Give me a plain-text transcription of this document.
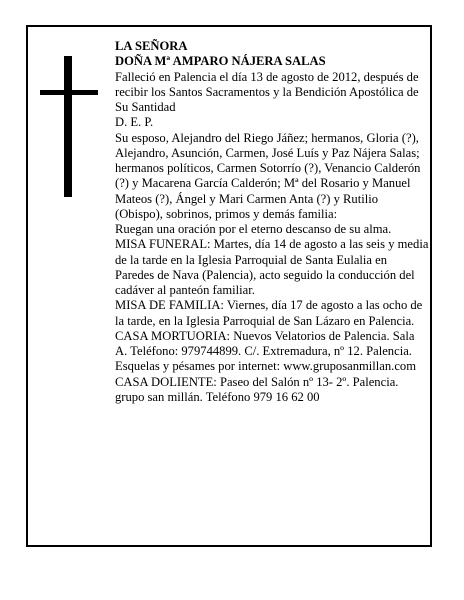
LA SEÑORA
DOÑA Mª AMPARO NÁJERA SALAS

Falleció en Palencia el día 13 de agosto de 2012, después de recibir los Santos Sacramentos y la Bendición Apostólica de Su Santidad

D. E. P.

Su esposo, Alejandro del Riego Jáñez; hermanos, Gloria (?), Alejandro, Asunción, Carmen, José Luís y Paz Nájera Salas; hermanos políticos, Carmen Sotorrío (?), Venancio Calderón (?) y Macarena García Calderón; Mª del Rosario y Manuel Mateos (?), Ángel y Mari Carmen Anta (?) y Rutilio (Obispo), sobrinos, primos y demás familia:

Ruegan una oración por el eterno descanso de su alma.

MISA FUNERAL: Martes, día 14 de agosto a las seis y media de la tarde en la Iglesia Parroquial de Santa Eulalia en Paredes de Nava (Palencia), acto seguido la conducción del cadáver al panteón familiar.

MISA DE FAMILIA: Viernes, día 17 de agosto a las ocho de la tarde, en la Iglesia Parroquial de San Lázaro en Palencia.

CASA MORTUORIA: Nuevos Velatorios de Palencia. Sala A. Teléfono: 979744899. C/. Extremadura, nº 12. Palencia.

Esquelas y pésames por internet: www.gruposanmillan.com

CASA DOLIENTE: Paseo del Salón nº 13- 2º. Palencia.

grupo san millán. Teléfono 979 16 62 00
